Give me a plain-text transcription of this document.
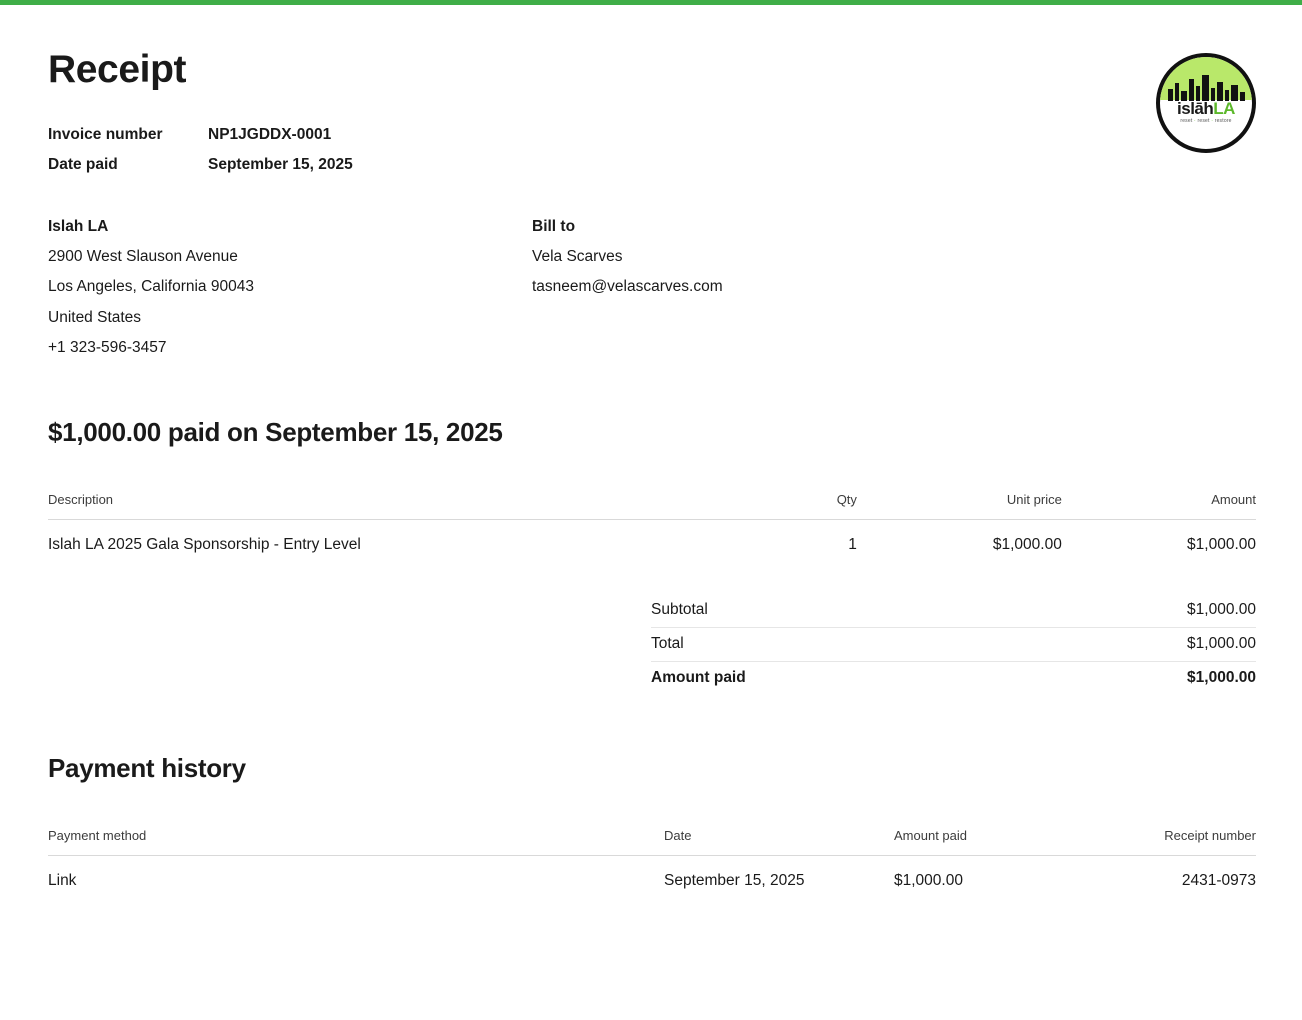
Receipt
islāhLA
reset · reset · restore
Invoice number	NP1JGDDX-0001
Date paid	September 15, 2025
Islah LA
2900 West Slauson Avenue
Los Angeles, California 90043
United States
+1 323-596-3457
Bill to
Vela Scarves
tasneem@velascarves.com
$1,000.00 paid on September 15, 2025
Description	Qty	Unit price	Amount
Islah LA 2025 Gala Sponsorship - Entry Level	1	$1,000.00	$1,000.00
Subtotal	$1,000.00
Total	$1,000.00
Amount paid	$1,000.00
Payment history
Payment method	Date	Amount paid	Receipt number
Link	September 15, 2025	$1,000.00	2431-0973
